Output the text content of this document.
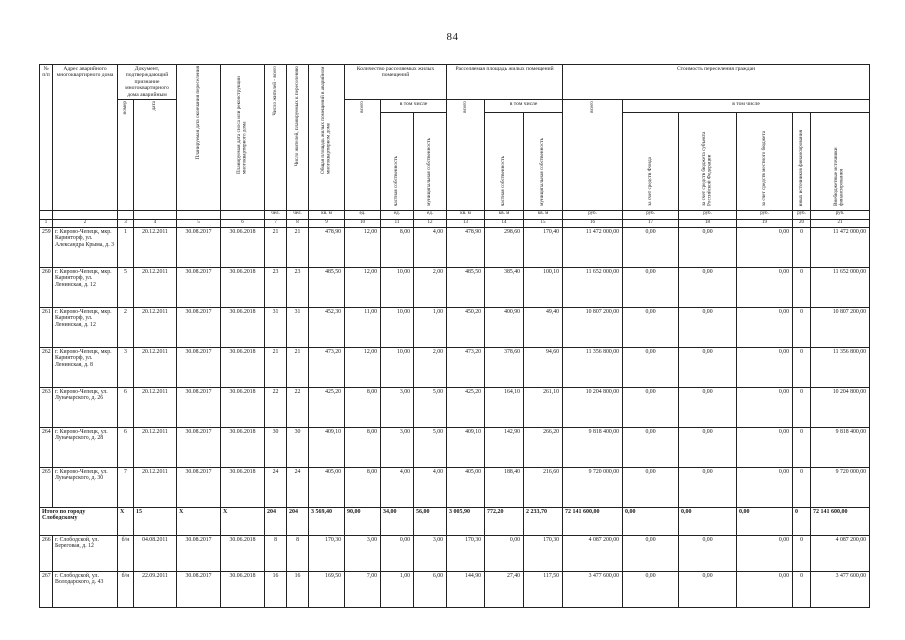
84
№ п/п	Адрес аварийного многоквартирного дома	Документ, подтверждающий признание многоквартирного дома аварийным		Планируемая дата окончания переселения	Планируемая дата сноса или реконструкции многоквартирного дома	Число жителей - всего	Число жителей, планируемых к переселению	Общая площадь жилых помещений в аварийном многоквартирном доме	Количество расселяемых жилых помещений			Расселяемая площадь жилых помещений			Стоимость переселения граждан					
		номер	дата						всего	в том числе		всего	в том числе		всего	в том числе				
										частная собственность	муниципальная собственность		частная собственность	муниципальная собственность		за счет средств Фонда	за счет средств бюджета субъекта Российской Федерации	за счет средств местного бюджета	иных источников финансирования	Внебюджетные источники финансирования
						чел.	чел.	кв. м	ед.	ед.	ед.	кв. м	кв. м	кв. м	руб.	руб.	руб.	руб.	руб.	руб.
1	2	3	4	5	6	7	8	9	10	11	12	13	14	15	16	17	18	19	20	21
259	г. Кирово-Чепецк, мкр. Каринторф, ул. Александра Крыма, д. 3	1	20.12.2011	30.08.2017	30.06.2018	21	21	478,90	12,00	8,00	4,00	478,90	298,60	170,40	11 472 000,00	0,00	0,00	0,00	0	11 472 000,00
260	г. Кирово-Чепецк, мкр. Каринторф, ул. Ленинская, д. 12	5	20.12.2011	30.08.2017	30.06.2018	23	23	485,50	12,00	10,00	2,00	485,50	385,40	100,10	11 652 000,00	0,00	0,00	0,00	0	11 652 000,00
261	г. Кирово-Чепецк, мкр. Каринторф, ул. Ленинская, д. 12	2	20.12.2011	30.08.2017	30.06.2018	31	31	452,30	11,00	10,00	1,00	450,20	400,90	49,40	10 807 200,00	0,00	0,00	0,00	0	10 807 200,00
262	г. Кирово-Чепецк, мкр. Каринторф, ул. Ленинская, д. 8	3	20.12.2011	30.08.2017	30.06.2018	21	21	473,20	12,00	10,00	2,00	473,20	378,60	94,60	11 356 800,00	0,00	0,00	0,00	0	11 356 800,00
263	г. Кирово-Чепецк, ул. Луначарского, д. 26	6	20.12.2011	30.08.2017	30.06.2018	22	22	425,20	8,00	3,00	5,00	425,20	164,10	261,10	10 204 800,00	0,00	0,00	0,00	0	10 204 800,00
264	г. Кирово-Чепецк, ул. Луначарского, д. 28	6	20.12.2011	30.08.2017	30.06.2018	30	30	409,10	8,00	3,00	5,00	409,10	142,90	266,20	9 818 400,00	0,00	0,00	0,00	0	9 818 400,00
265	г. Кирово-Чепецк, ул. Луначарского, д. 30	7	20.12.2011	30.08.2017	30.06.2018	24	24	405,00	8,00	4,00	4,00	405,00	188,40	216,60	9 720 000,00	0,00	0,00	0,00	0	9 720 000,00
Итого по городу Слободскому		X	15	X	X	204	204	3 569,40	90,00	34,00	56,00	3 005,90	772,20	2 233,70	72 141 600,00	0,00	0,00	0,00	0	72 141 600,00
266	г. Слободской, ул. Береговая, д. 12	б/н	04.08.2011	30.08.2017	30.06.2018	8	8	170,30	3,00	0,00	3,00	170,30	0,00	170,30	4 087 200,00	0,00	0,00	0,00	0	4 087 200,00
267	г. Слободской, ул. Володарского, д. 43	б/н	22.09.2011	30.08.2017	30.06.2018	16	16	169,50	7,00	1,00	6,00	144,90	27,40	117,50	3 477 600,00	0,00	0,00	0,00	0	3 477 600,00
